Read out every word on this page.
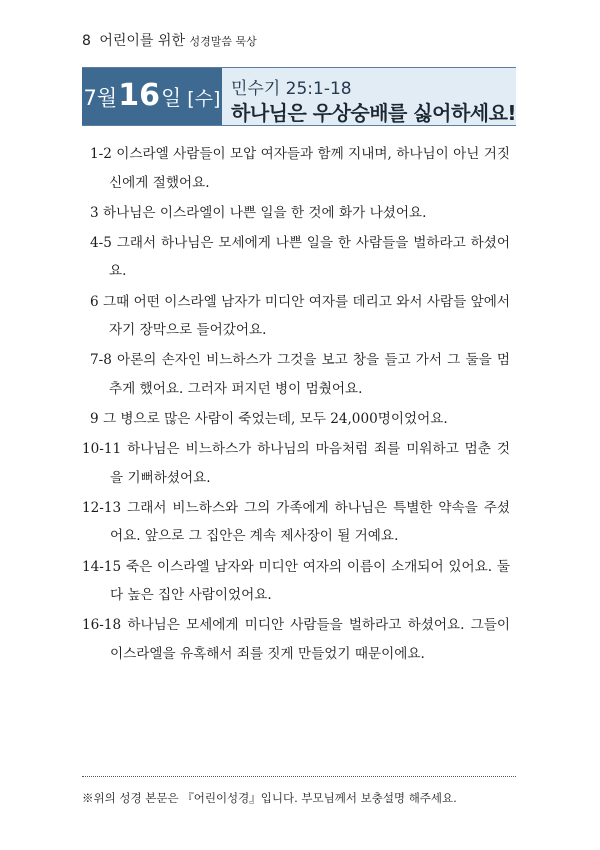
8 어린이를 위한 성경말씀 묵상
7 월 16 일 [수] 민수기 25:1-18
하나님은 우상숭배를 싫어하세요!

1-2 이스라엘 사람들이 모압 여자들과 함께 지내며, 하나님이 아닌 거짓 신에게 절했어요.

3 하나님은 이스라엘이 나쁜 일을 한 것에 화가 나셨어요.

4-5 그래서 하나님은 모세에게 나쁜 일을 한 사람들을 벌하라고 하셨어요.

6 그때 어떤 이스라엘 남자가 미디안 여자를 데리고 와서 사람들 앞에서 자기 장막으로 들어갔어요.

7-8 아론의 손자인 비느하스가 그것을 보고 창을 들고 가서 그 둘을 멈추게 했어요. 그러자 퍼지던 병이 멈췄어요.

9 그 병으로 많은 사람이 죽었는데, 모두 24,000명이었어요.

10-11 하나님은 비느하스가 하나님의 마음처럼 죄를 미워하고 멈춘 것을 기뻐하셨어요.

12-13 그래서 비느하스와 그의 가족에게 하나님은 특별한 약속을 주셨어요. 앞으로 그 집안은 계속 제사장이 될 거예요.

14-15 죽은 이스라엘 남자와 미디안 여자의 이름이 소개되어 있어요. 둘 다 높은 집안 사람이었어요.

16-18 하나님은 모세에게 미디안 사람들을 벌하라고 하셨어요. 그들이 이스라엘을 유혹해서 죄를 짓게 만들었기 때문이에요.

※위의 성경 본문은 『어린이성경』입니다. 부모님께서 보충설명 해주세요.
